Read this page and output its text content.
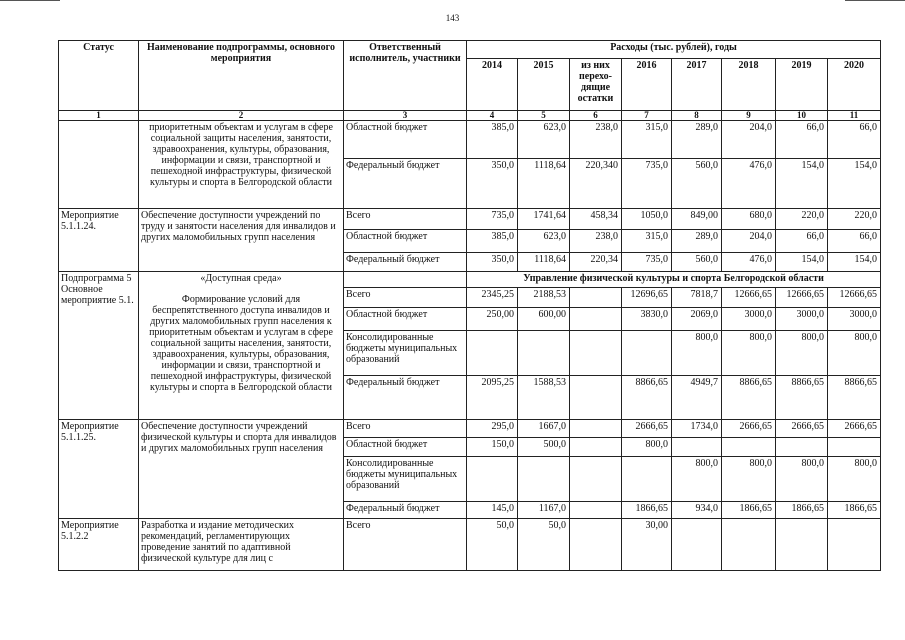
143
Статус	Наименование подпрограммы, основного мероприятия	Ответственный исполнитель, участники	Расходы (тыс. рублей), годы							
			2014	2015	из них перехо-дящие остатки	2016	2017	2018	2019	2020
1	2	3	4	5	6	7	8	9	10	11
	приоритетным объектам и услугам в сфере социальной защиты населения, занятости, здравоохранения, культуры, образования, информации и связи, транспортной и пешеходной инфраструктуры, физической культуры и спорта в Белгородской области	Областной бюджет	385,0	623,0	238,0	315,0	289,0	204,0	66,0	66,0
		Федеральный бюджет	350,0	1118,64	220,340	735,0	560,0	476,0	154,0	154,0
Мероприятие 5.1.1.24.	Обеспечение доступности учреждений по труду и занятости населения для инвалидов и других маломобильных групп населения	Всего	735,0	1741,64	458,34	1050,0	849,00	680,0	220,0	220,0
		Областной бюджет	385,0	623,0	238,0	315,0	289,0	204,0	66,0	66,0
		Федеральный бюджет	350,0	1118,64	220,34	735,0	560,0	476,0	154,0	154,0
Подпрограмма 5 Основное мероприятие 5.1.	«Доступная среда»
Формирование условий для беспрепятственного доступа инвалидов и других маломобильных групп населения к приоритетным объектам и услугам в сфере социальной защиты населения, занятости, здравоохранения, культуры, образования, информации и связи, транспортной и пешеходной инфраструктуры, физической культуры и спорта в Белгородской области		Управление физической культуры и спорта Белгородской области							
		Всего	2345,25	2188,53		12696,65	7818,7	12666,65	12666,65	12666,65
		Областной бюджет	250,00	600,00		3830,0	2069,0	3000,0	3000,0	3000,0
		Консолидированные бюджеты муниципальных образований					800,0	800,0	800,0	800,0
		Федеральный бюджет	2095,25	1588,53		8866,65	4949,7	8866,65	8866,65	8866,65
Мероприятие 5.1.1.25.	Обеспечение доступности учреждений физической культуры и спорта для инвалидов и других маломобильных групп населения	Всего	295,0	1667,0		2666,65	1734,0	2666,65	2666,65	2666,65
		Областной бюджет	150,0	500,0		800,0				
		Консолидированные бюджеты муниципальных образований					800,0	800,0	800,0	800,0
		Федеральный бюджет	145,0	1167,0		1866,65	934,0	1866,65	1866,65	1866,65
Мероприятие 5.1.2.2	Разработка и издание методических рекомендаций, регламентирующих проведение занятий по адаптивной физической культуре для лиц с	Всего	50,0	50,0		30,00				
